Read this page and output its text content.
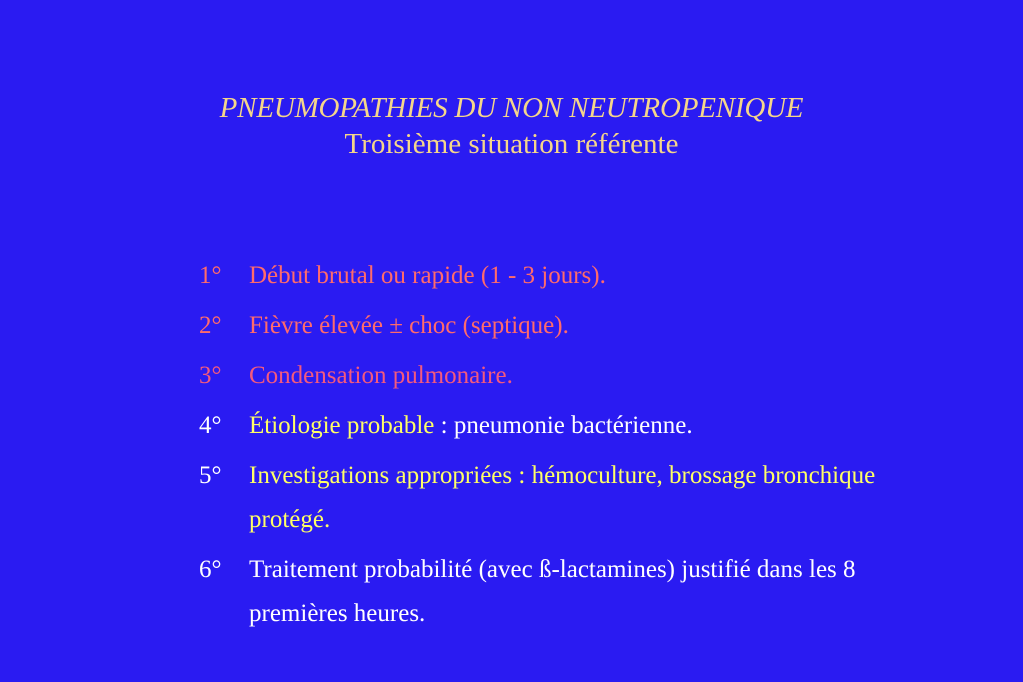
PNEUMOPATHIES DU NON NEUTROPENIQUE
Troisième situation référente
1°	Début brutal ou rapide (1 - 3 jours).
2°	Fièvre élevée ± choc (septique).
3°	Condensation pulmonaire.
4°	Étiologie probable : pneumonie bactérienne.
5°	Investigations appropriées : hémoculture, brossage bronchique protégé.
6°	Traitement probabilité (avec ß-lactamines) justifié dans les 8 premières heures.
